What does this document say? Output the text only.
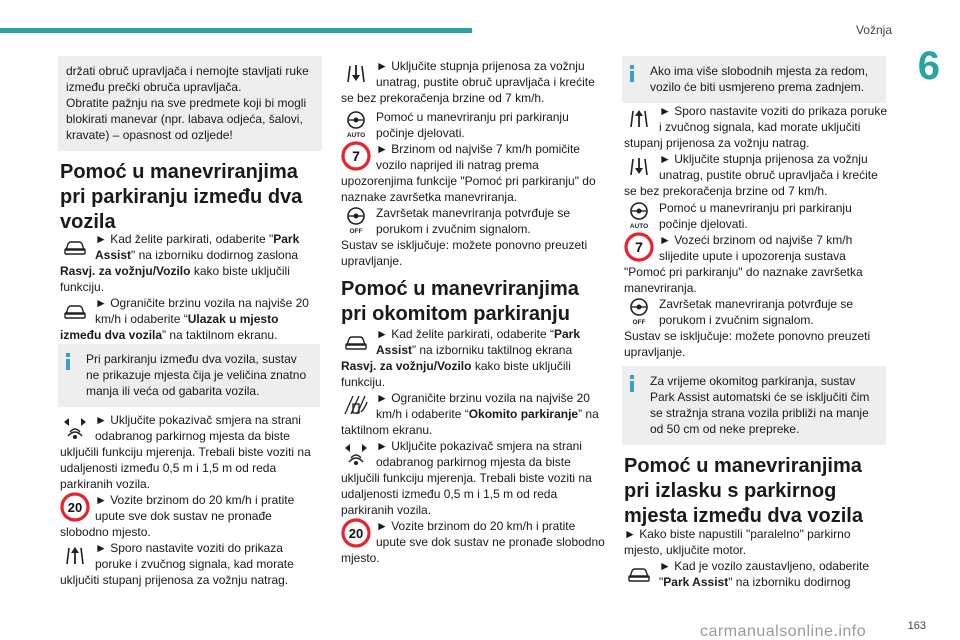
Vožnja
6
163
carmanualsonline.info

držati obruč upravljača i nemojte stavljati ruke između prečki obruča upravljača.
Obratite pažnju na sve predmete koji bi mogli blokirati manevar (npr. labava odjeća, šalovi, kravate) – opasnost od ozljede!

Pomoć u manevriranjima pri parkiranju između dva vozila
► Kad želite parkirati, odaberite "Park Assist" na izborniku dodirnog zaslona Rasvj. za vožnju/Vozilo kako biste uključili funkciju.
► Ograničite brzinu vozila na najviše 20 km/h i odaberite “Ulazak u mjesto između dva vozila” na taktilnom ekranu.

Pri parkiranju između dva vozila, sustav ne prikazuje mjesta čija je veličina znatno manja ili veća od gabarita vozila.

► Uključite pokazivač smjera na strani odabranog parkirnog mjesta da biste uključili funkciju mjerenja. Trebali biste voziti na udaljenosti između 0,5 m i 1,5 m od reda parkiranih vozila.
20 ► Vozite brzinom do 20 km/h i pratite upute sve dok sustav ne pronađe slobodno mjesto.
► Sporo nastavite voziti do prikaza poruke i zvučnog signala, kad morate uključiti stupanj prijenosa za vožnju natrag.
► Uključite stupnja prijenosa za vožnju unatrag, pustite obruč upravljača i krećite se bez prekoračenja brzine od 7 km/h.
AUTO
Pomoć u manevriranju pri parkiranju počinje djelovati.
7 ► Brzinom od najviše 7 km/h pomičite vozilo naprijed ili natrag prema upozorenjima funkcije "Pomoć pri parkiranju" do naznake završetka manevriranja.
OFF
Završetak manevriranja potvrđuje se porukom i zvučnim signalom.

Sustav se isključuje: možete ponovno preuzeti upravljanje.

Pomoć u manevriranjima pri okomitom parkiranju
► Kad želite parkirati, odaberite “Park Assist” na izborniku taktilnog ekrana Rasvj. za vožnju/Vozilo kako biste uključili funkciju.
► Ograničite brzinu vozila na najviše 20 km/h i odaberite “Okomito parkiranje” na taktilnom ekranu.
► Uključite pokazivač smjera na strani odabranog parkirnog mjesta da biste uključili funkciju mjerenja. Trebali biste voziti na udaljenosti između 0,5 m i 1,5 m od reda parkiranih vozila.
20 ► Vozite brzinom do 20 km/h i pratite upute sve dok sustav ne pronađe slobodno mjesto.

Ako ima više slobodnih mjesta za redom, vozilo će biti usmjereno prema zadnjem.

► Sporo nastavite voziti do prikaza poruke i zvučnog signala, kad morate uključiti stupanj prijenosa za vožnju natrag.
► Uključite stupnja prijenosa za vožnju unatrag, pustite obruč upravljača i krećite se bez prekoračenja brzine od 7 km/h.
AUTO
Pomoć u manevriranju pri parkiranju počinje djelovati.
7 ► Vozeći brzinom od najviše 7 km/h slijedite upute i upozorenja sustava "Pomoć pri parkiranju" do naznake završetka manevriranja.
OFF
Završetak manevriranja potvrđuje se porukom i zvučnim signalom.

Sustav se isključuje: možete ponovno preuzeti upravljanje.

Za vrijeme okomitog parkiranja, sustav Park Assist automatski će se isključiti čim se stražnja strana vozila približi na manje od 50 cm od neke prepreke.

Pomoć u manevriranjima pri izlasku s parkirnog mjesta između dva vozila

► Kako biste napustili "paralelno" parkirno mjesto, uključite motor.

► Kad je vozilo zaustavljeno, odaberite "Park Assist" na izborniku dodirnog
